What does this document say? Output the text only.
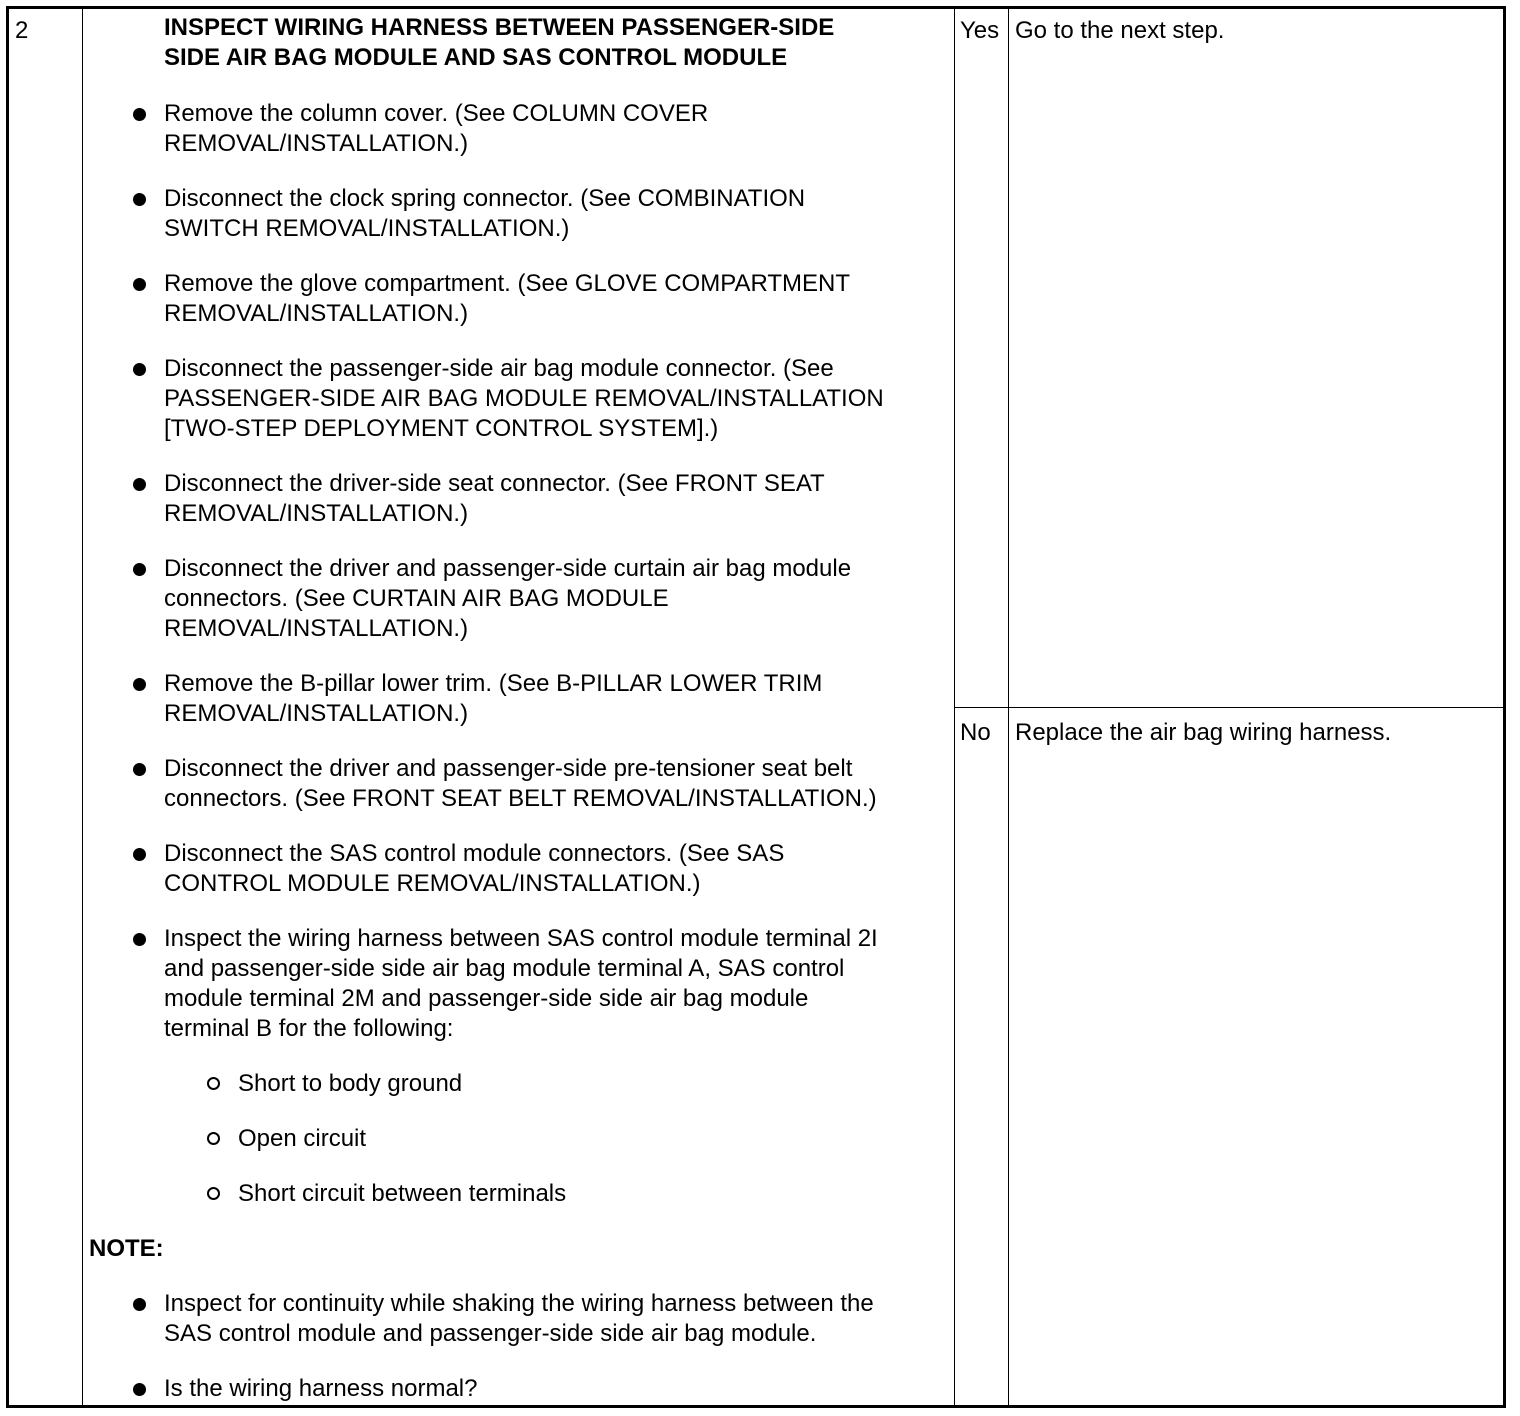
2	INSPECT WIRING HARNESS BETWEEN PASSENGER-SIDE
SIDE AIR BAG MODULE AND SAS CONTROL MODULE
Remove the column cover. (See COLUMN COVER
REMOVAL/INSTALLATION.)
Disconnect the clock spring connector. (See COMBINATION
SWITCH REMOVAL/INSTALLATION.)
Remove the glove compartment. (See GLOVE COMPARTMENT
REMOVAL/INSTALLATION.)
Disconnect the passenger-side air bag module connector. (See
PASSENGER-SIDE AIR BAG MODULE REMOVAL/INSTALLATION
[TWO-STEP DEPLOYMENT CONTROL SYSTEM].)
Disconnect the driver-side seat connector. (See FRONT SEAT
REMOVAL/INSTALLATION.)
Disconnect the driver and passenger-side curtain air bag module
connectors. (See CURTAIN AIR BAG MODULE
REMOVAL/INSTALLATION.)
Remove the B-pillar lower trim. (See B-PILLAR LOWER TRIM
REMOVAL/INSTALLATION.)
Disconnect the driver and passenger-side pre-tensioner seat belt
connectors. (See FRONT SEAT BELT REMOVAL/INSTALLATION.)
Disconnect the SAS control module connectors. (See SAS
CONTROL MODULE REMOVAL/INSTALLATION.)
Inspect the wiring harness between SAS control module terminal 2I
and passenger-side side air bag module terminal A, SAS control
module terminal 2M and passenger-side side air bag module
terminal B for the following:
Short to body ground
Open circuit
Short circuit between terminals
NOTE:
Inspect for continuity while shaking the wiring harness between the
SAS control module and passenger-side side air bag module.
Is the wiring harness normal?
Yes Go to the next step.
No Replace the air bag wiring harness.
